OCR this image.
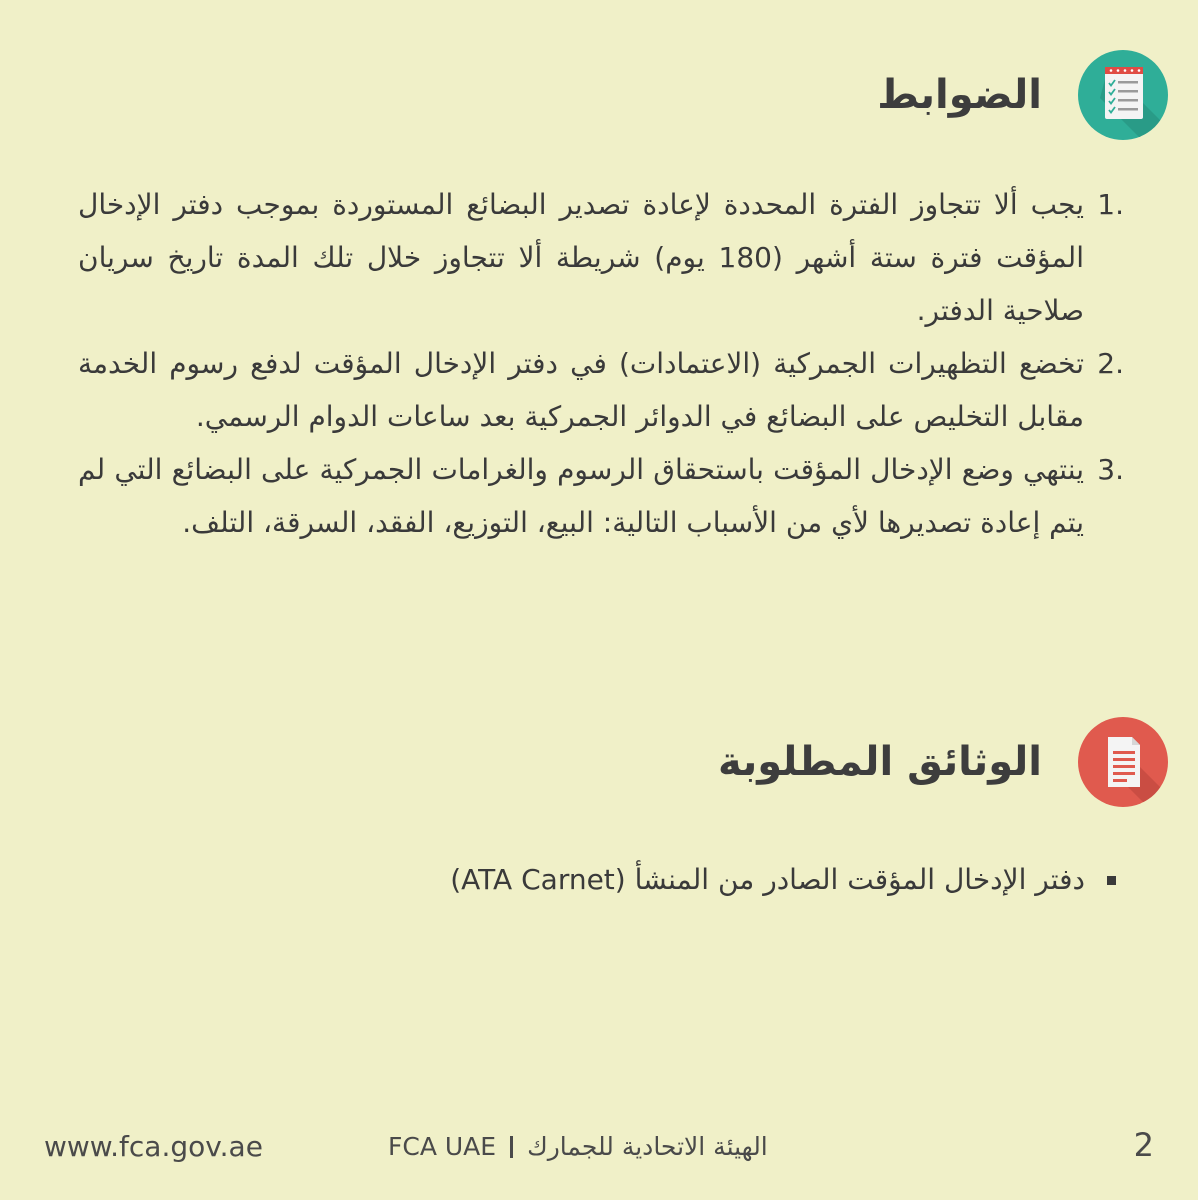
الضوابط
1.
يجب ألا تتجاوز الفترة المحددة لإعادة تصدير البضائع المستوردة بموجب دفتر الإدخال المؤقت فترة ستة أشهر (180 يوم) شريطة ألا تتجاوز خلال تلك المدة تاريخ سريان صلاحية الدفتر.
2.
تخضع التظهيرات الجمركية (الاعتمادات) في دفتر الإدخال المؤقت لدفع رسوم الخدمة مقابل التخليص على البضائع في الدوائر الجمركية بعد ساعات الدوام الرسمي.
3.
ينتهي وضع الإدخال المؤقت باستحقاق الرسوم والغرامات الجمركية على البضائع التي لم يتم إعادة تصديرها لأي من الأسباب التالية: البيع، التوزيع، الفقد، السرقة، التلف.
الوثائق المطلوبة
دفتر الإدخال المؤقت الصادر من المنشأ (ATA Carnet)
www.fca.gov.ae	FCA UAE الهيئة الاتحادية للجمارك	2
